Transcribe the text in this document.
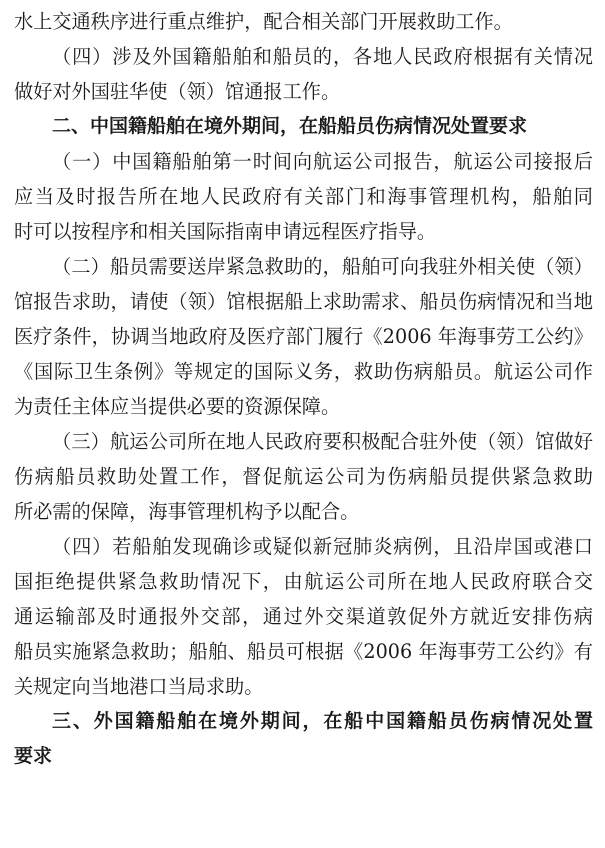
水上交通秩序进行重点维护，配合相关部门开展救助工作。
（四）涉及外国籍船舶和船员的，各地人民政府根据有关情况
做好对外国驻华使（领）馆通报工作。
二、中国籍船舶在境外期间，在船船员伤病情况处置要求
（一）中国籍船舶第一时间向航运公司报告，航运公司接报后
应当及时报告所在地人民政府有关部门和海事管理机构，船舶同
时可以按程序和相关国际指南申请远程医疗指导。
（二）船员需要送岸紧急救助的，船舶可向我驻外相关使（领）
馆报告求助，请使（领）馆根据船上求助需求、船员伤病情况和当地
医疗条件，协调当地政府及医疗部门履行《2006 年海事劳工公约》
《国际卫生条例》等规定的国际义务，救助伤病船员。航运公司作
为责任主体应当提供必要的资源保障。
（三）航运公司所在地人民政府要积极配合驻外使（领）馆做好
伤病船员救助处置工作，督促航运公司为伤病船员提供紧急救助
所必需的保障，海事管理机构予以配合。
（四）若船舶发现确诊或疑似新冠肺炎病例，且沿岸国或港口
国拒绝提供紧急救助情况下，由航运公司所在地人民政府联合交
通运输部及时通报外交部，通过外交渠道敦促外方就近安排伤病
船员实施紧急救助；船舶、船员可根据《2006 年海事劳工公约》有
关规定向当地港口当局求助。
三、外国籍船舶在境外期间，在船中国籍船员伤病情况处置
要求
